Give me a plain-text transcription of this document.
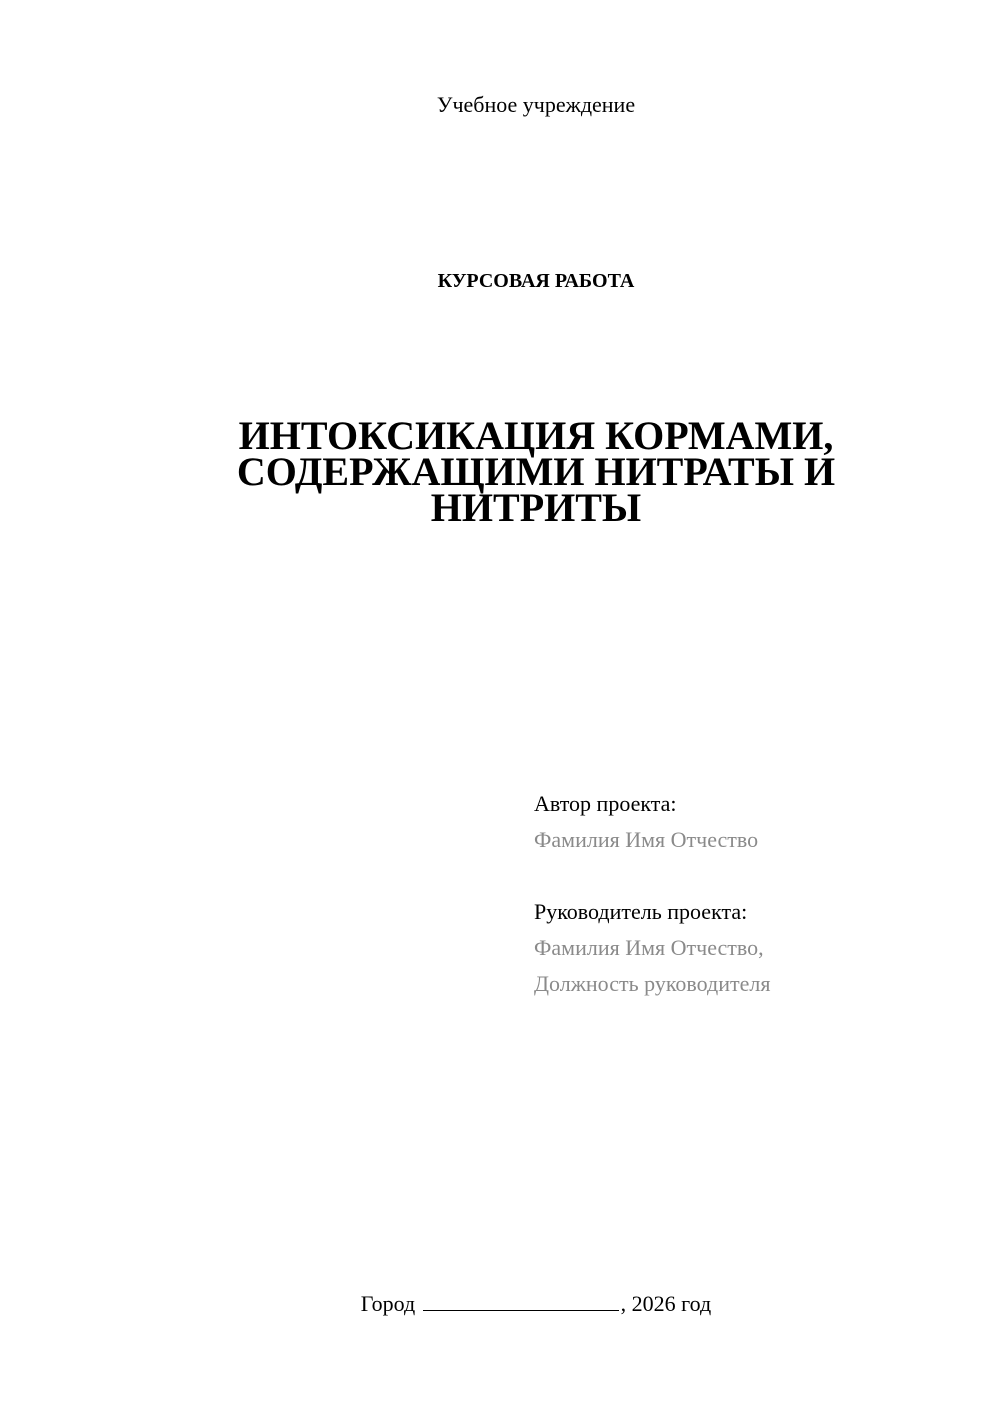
Учебное учреждение
КУРСОВАЯ РАБОТА
ИНТОКСИКАЦИЯ КОРМАМИ,
СОДЕРЖАЩИМИ НИТРАТЫ И
НИТРИТЫ
Автор проекта:
Фамилия Имя Отчество
Руководитель проекта:
Фамилия Имя Отчество,
Должность руководителя
Город	, 2026 год
